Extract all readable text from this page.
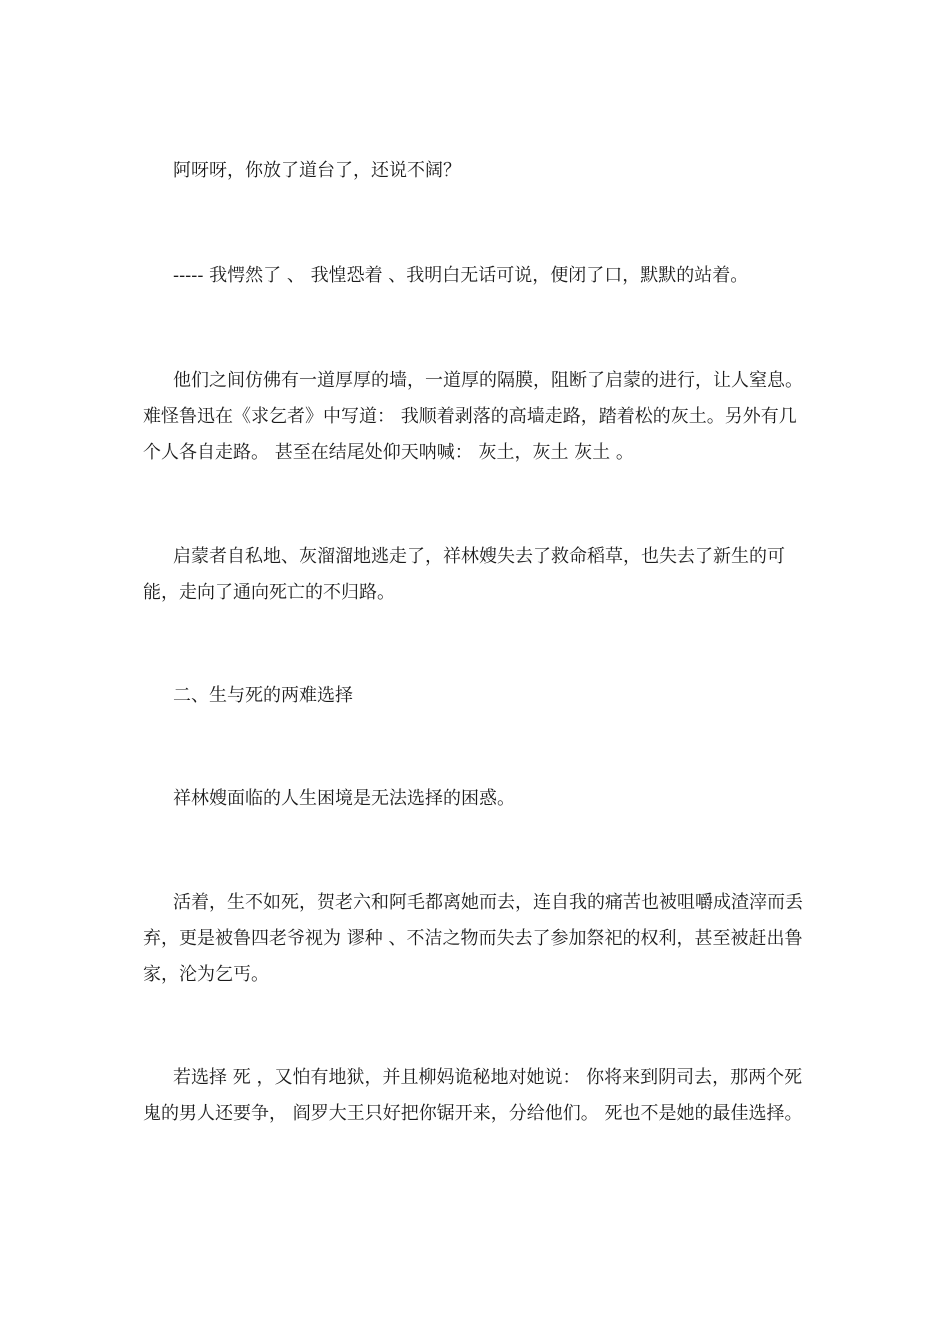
阿呀呀，你放了道台了，还说不阔？

----- 我愕然了 、 我惶恐着 、我明白无话可说，便闭了口，默默的站着。

他们之间仿佛有一道厚厚的墙，一道厚的隔膜，阻断了启蒙的进行，让人窒息。难怪鲁迅在《求乞者》中写道： 我顺着剥落的高墙走路，踏着松的灰土。另外有几个人各自走路。 甚至在结尾处仰天呐喊： 灰土，灰土 灰土 。

启蒙者自私地、灰溜溜地逃走了，祥林嫂失去了救命稻草，也失去了新生的可能，走向了通向死亡的不归路。

二、生与死的两难选择

祥林嫂面临的人生困境是无法选择的困惑。

活着，生不如死，贺老六和阿毛都离她而去，连自我的痛苦也被咀嚼成渣滓而丢弃，更是被鲁四老爷视为 谬种 、不洁之物而失去了参加祭祀的权利，甚至被赶出鲁家，沦为乞丐。

若选择 死 ，又怕有地狱，并且柳妈诡秘地对她说： 你将来到阴司去，那两个死鬼的男人还要争， 阎罗大王只好把你锯开来，分给他们。 死也不是她的最佳选择。
